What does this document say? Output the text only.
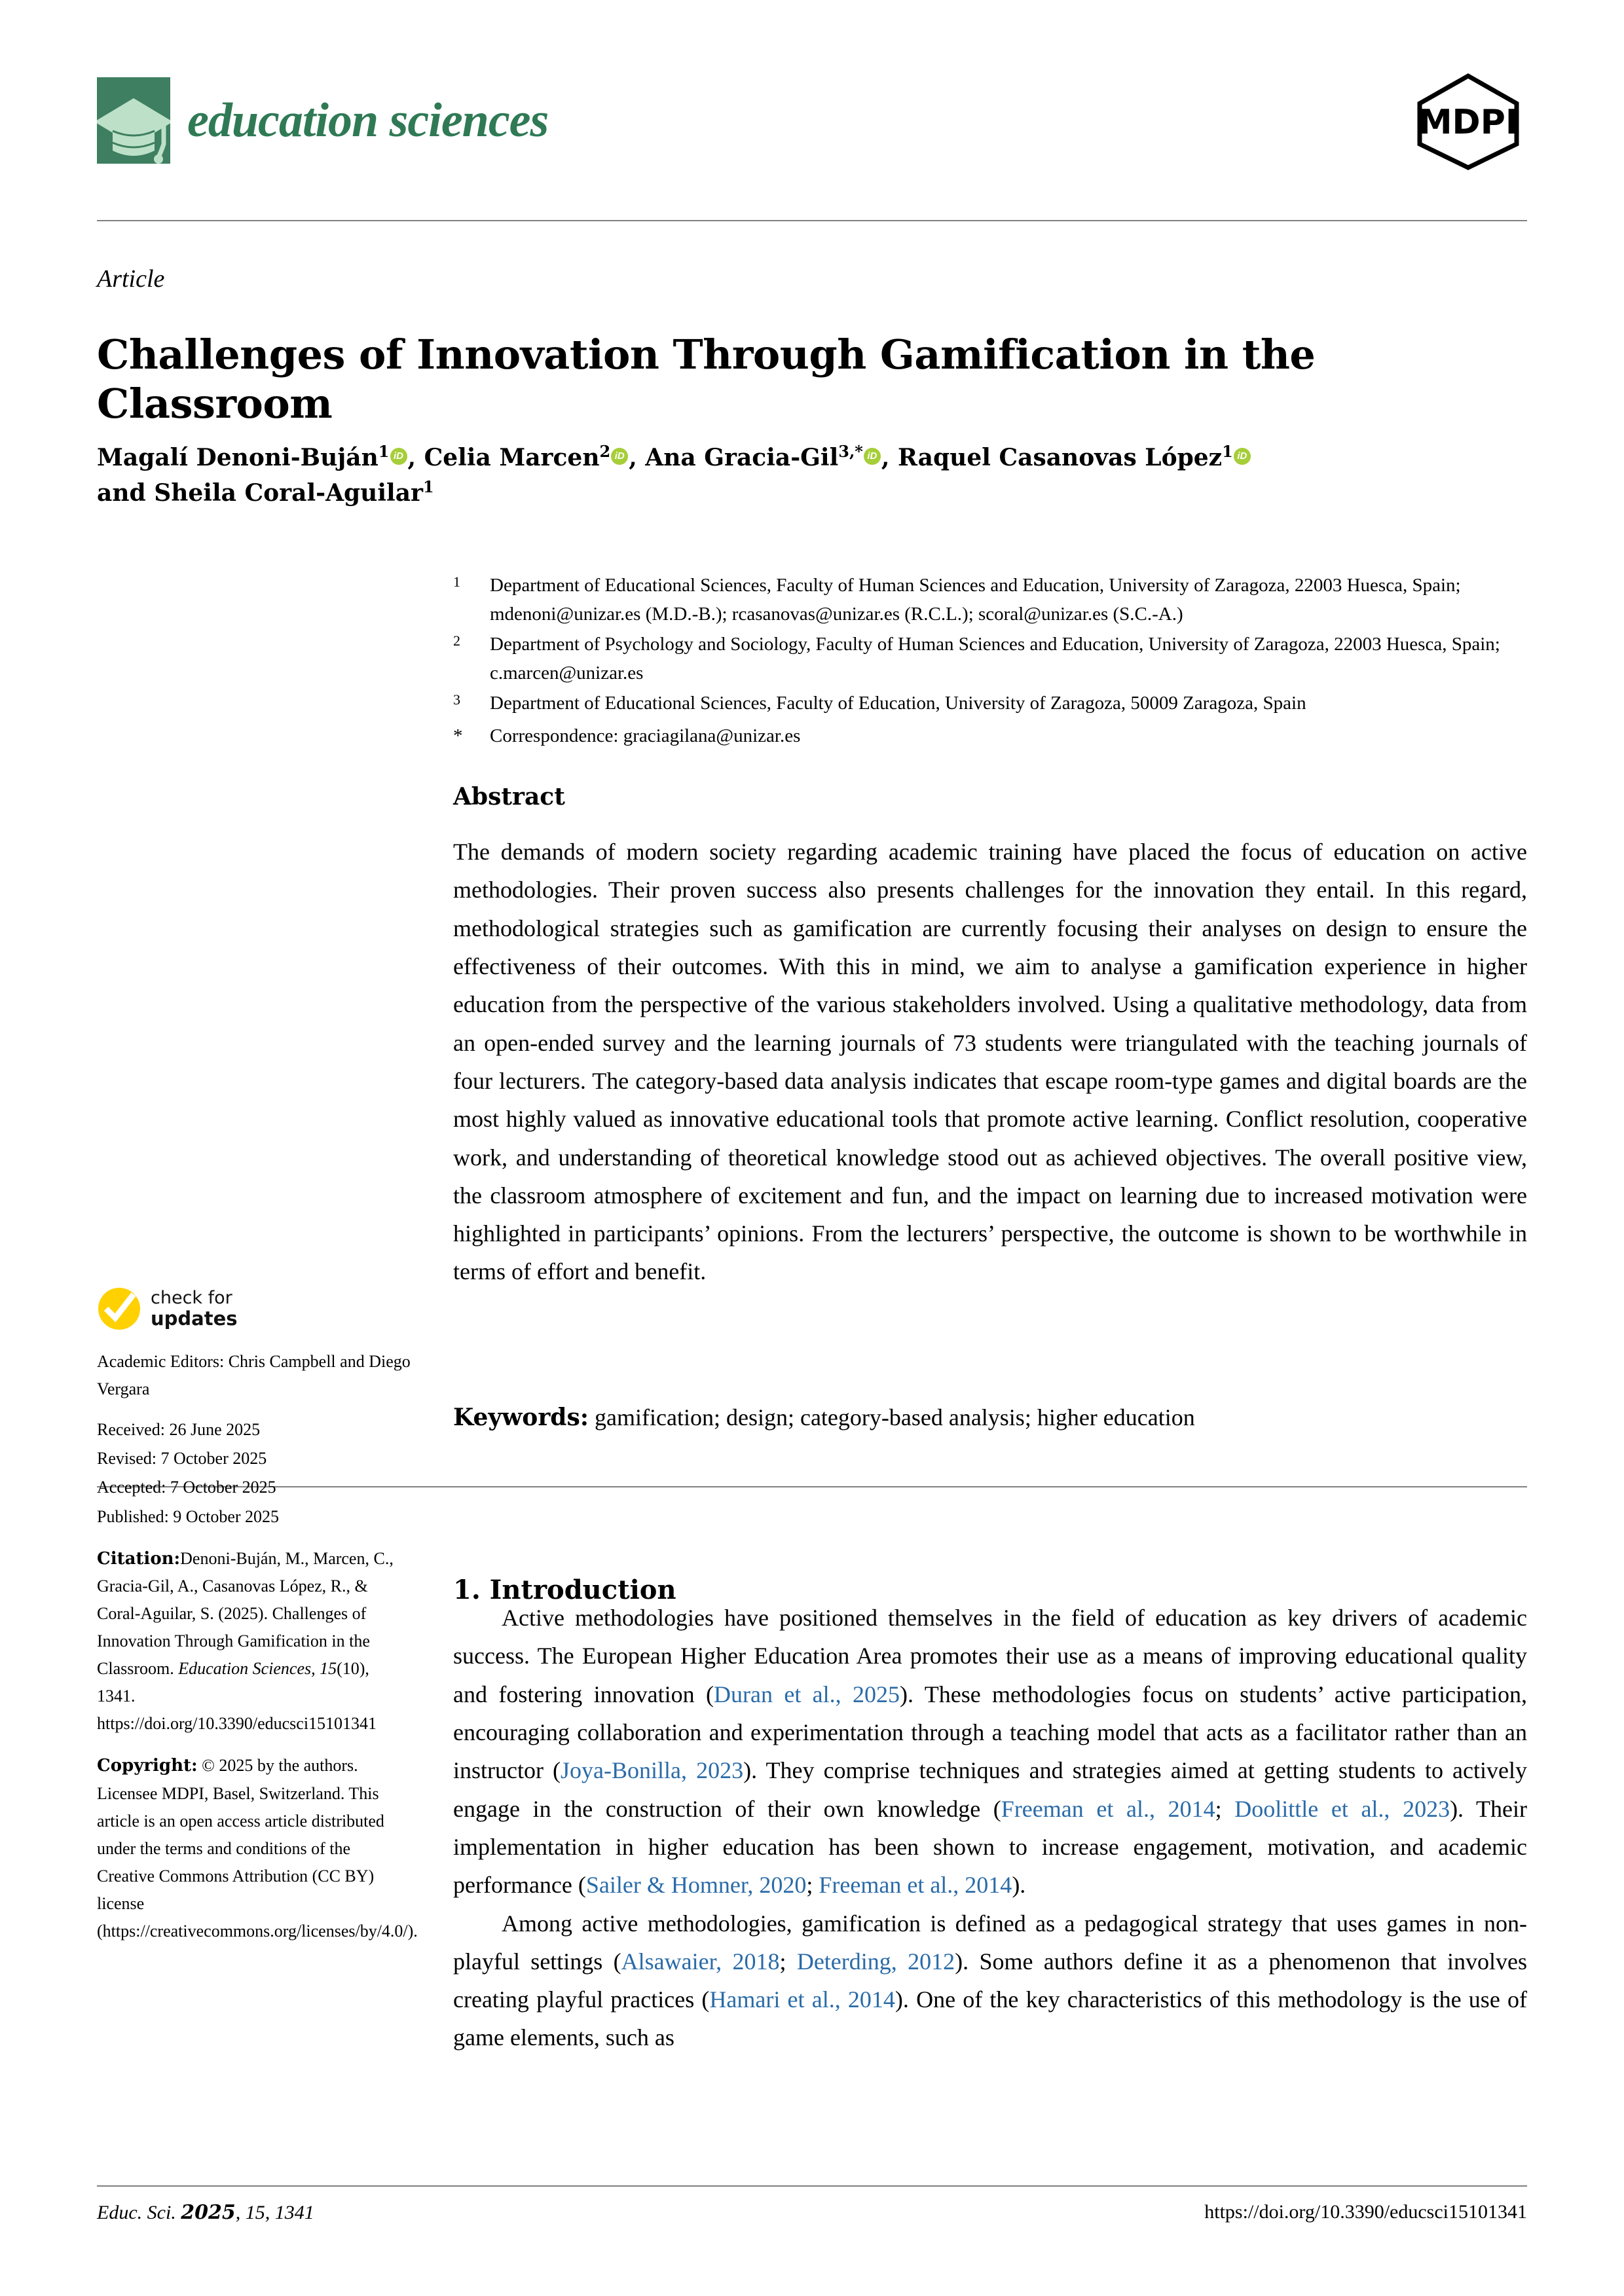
education sciences	MDPI
Article
Challenges of Innovation Through Gamification in the Classroom
Magalí Denoni-Buján$^1$ iD , Celia Marcen$^2$ iD , Ana Gracia-Gil$^{3,*}$ iD , Raquel Casanovas López$^1$ iD
and Sheila Coral-Aguilar$^1$
$^1$	Department of Educational Sciences, Faculty of Human Sciences and Education, University of Zaragoza, 22003 Huesca, Spain; mdenoni@unizar.es (M.D.-B.); rcasanovas@unizar.es (R.C.L.); scoral@unizar.es (S.C.-A.)
$^2$	Department of Psychology and Sociology, Faculty of Human Sciences and Education, University of Zaragoza, 22003 Huesca, Spain; c.marcen@unizar.es
$^3$	Department of Educational Sciences, Faculty of Education, University of Zaragoza, 50009 Zaragoza, Spain
*	Correspondence: graciagilana@unizar.es
Abstract
The demands of modern society regarding academic training have placed the focus of education on active methodologies. Their proven success also presents challenges for the innovation they entail. In this regard, methodological strategies such as gamification are currently focusing their analyses on design to ensure the effectiveness of their outcomes. With this in mind, we aim to analyse a gamification experience in higher education from the perspective of the various stakeholders involved. Using a qualitative methodology, data from an open-ended survey and the learning journals of 73 students were triangulated with the teaching journals of four lecturers. The category-based data analysis indicates that escape room-type games and digital boards are the most highly valued as innovative educational tools that promote active learning. Conflict resolution, cooperative work, and understanding of theoretical knowledge stood out as achieved objectives. The overall positive view, the classroom atmosphere of excitement and fun, and the impact on learning due to increased motivation were highlighted in participants’ opinions. From the lecturers’ perspective, the outcome is shown to be worthwhile in terms of effort and benefit.
Keywords: gamification; design; category-based analysis; higher education
check for
updates
Academic Editors: Chris Campbell and Diego Vergara

Received: 26 June 2025

Revised: 7 October 2025

Accepted: 7 October 2025

Published: 9 October 2025

Citation:Denoni-Buján, M., Marcen, C., Gracia-Gil, A., Casanovas López, R., & Coral-Aguilar, S. (2025). Challenges of Innovation Through Gamification in the Classroom. Education Sciences, 15(10), 1341. https://doi.org/10.3390/educsci15101341
Copyright: © 2025 by the authors. Licensee MDPI, Basel, Switzerland. This article is an open access article distributed under the terms and conditions of the Creative Commons Attribution (CC BY) license (https://creativecommons.org/licenses/by/4.0/).
1. Introduction

Active methodologies have positioned themselves in the field of education as key drivers of academic success. The European Higher Education Area promotes their use as a means of improving educational quality and fostering innovation (Duran et al., 2025). These methodologies focus on students’ active participation, encouraging collaboration and experimentation through a teaching model that acts as a facilitator rather than an instructor (Joya-Bonilla, 2023). They comprise techniques and strategies aimed at getting students to actively engage in the construction of their own knowledge (Freeman et al., 2014; Doolittle et al., 2023). Their implementation in higher education has been shown to increase engagement, motivation, and academic performance (Sailer & Homner, 2020; Freeman et al., 2014).

Among active methodologies, gamification is defined as a pedagogical strategy that uses games in non-playful settings (Alsawaier, 2018; Deterding, 2012). Some authors define it as a phenomenon that involves creating playful practices (Hamari et al., 2014). One of the key characteristics of this methodology is the use of game elements, such as

Educ. Sci. 2025, 15, 1341	https://doi.org/10.3390/educsci15101341
